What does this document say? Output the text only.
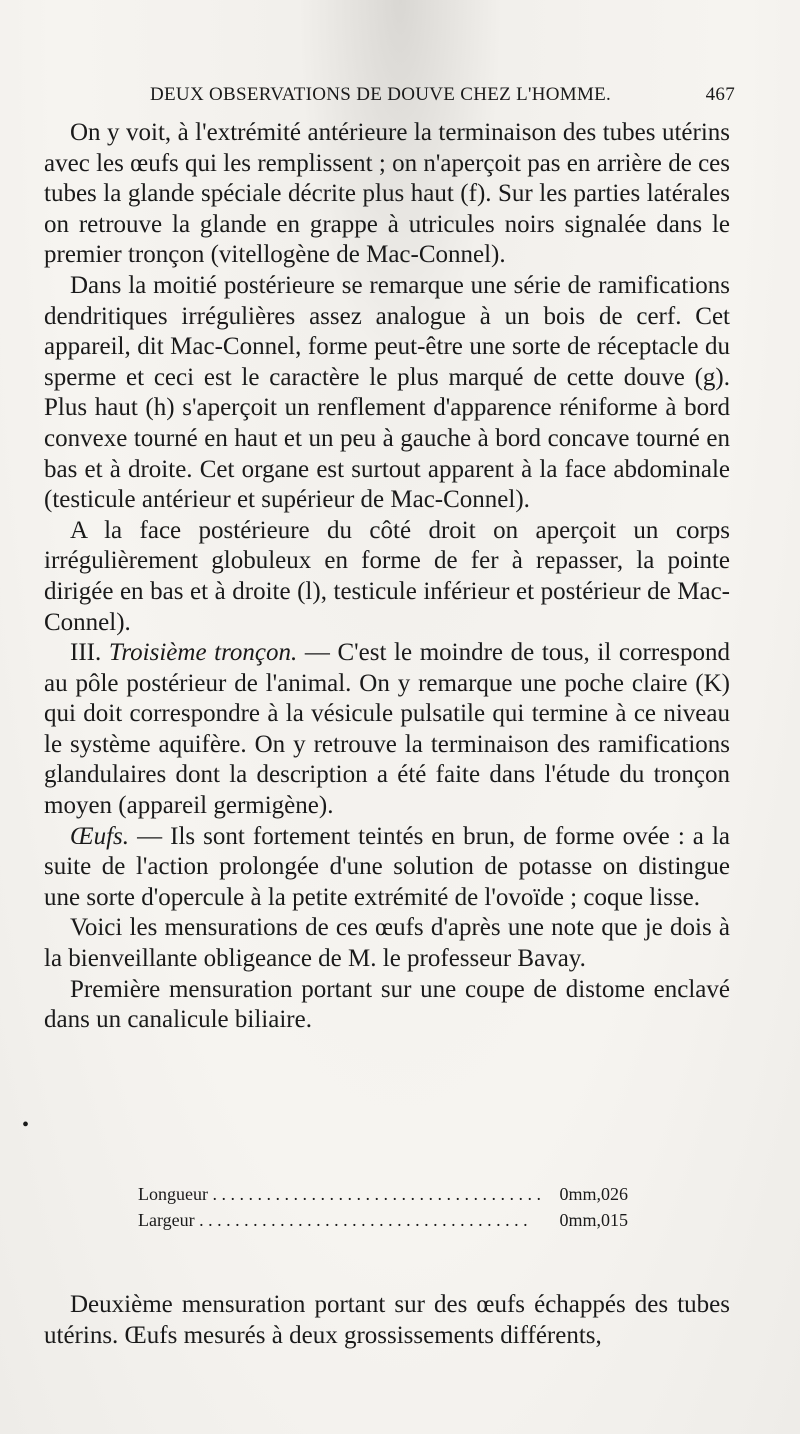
DEUX OBSERVATIONS DE DOUVE CHEZ L'HOMME.	467

On y voit, à l'extrémité antérieure la terminaison des tubes utérins avec les œufs qui les remplissent ; on n'aperçoit pas en arrière de ces tubes la glande spéciale décrite plus haut (f). Sur les parties latérales on retrouve la glande en grappe à utricules noirs signalée dans le premier tronçon (vitellogène de Mac-Connel).

Dans la moitié postérieure se remarque une série de ramifications dendritiques irrégulières assez analogue à un bois de cerf. Cet appareil, dit Mac-Connel, forme peut-être une sorte de réceptacle du sperme et ceci est le caractère le plus marqué de cette douve (g). Plus haut (h) s'aperçoit un renflement d'apparence réniforme à bord convexe tourné en haut et un peu à gauche à bord concave tourné en bas et à droite. Cet organe est surtout apparent à la face abdominale (testicule antérieur et supérieur de Mac-Connel).

A la face postérieure du côté droit on aperçoit un corps irrégulièrement globuleux en forme de fer à repasser, la pointe dirigée en bas et à droite (l), testicule inférieur et postérieur de Mac-Connel).

III. Troisième tronçon. — C'est le moindre de tous, il correspond au pôle postérieur de l'animal. On y remarque une poche claire (K) qui doit correspondre à la vésicule pulsatile qui termine à ce niveau le système aquifère. On y retrouve la terminaison des ramifications glandulaires dont la description a été faite dans l'étude du tronçon moyen (appareil germigène).

Œufs. — Ils sont fortement teintés en brun, de forme ovée : a la suite de l'action prolongée d'une solution de potasse on distingue une sorte d'opercule à la petite extrémité de l'ovoïde ; coque lisse.

Voici les mensurations de ces œufs d'après une note que je dois à la bienveillante obligeance de M. le professeur Bavay.

Première mensuration portant sur une coupe de distome enclavé dans un canalicule biliaire.

•
Longueur . . .	0mm,026
Largeur . . .	0mm,015

Deuxième mensuration portant sur des œufs échappés des tubes utérins. Œufs mesurés à deux grossissements différents,
